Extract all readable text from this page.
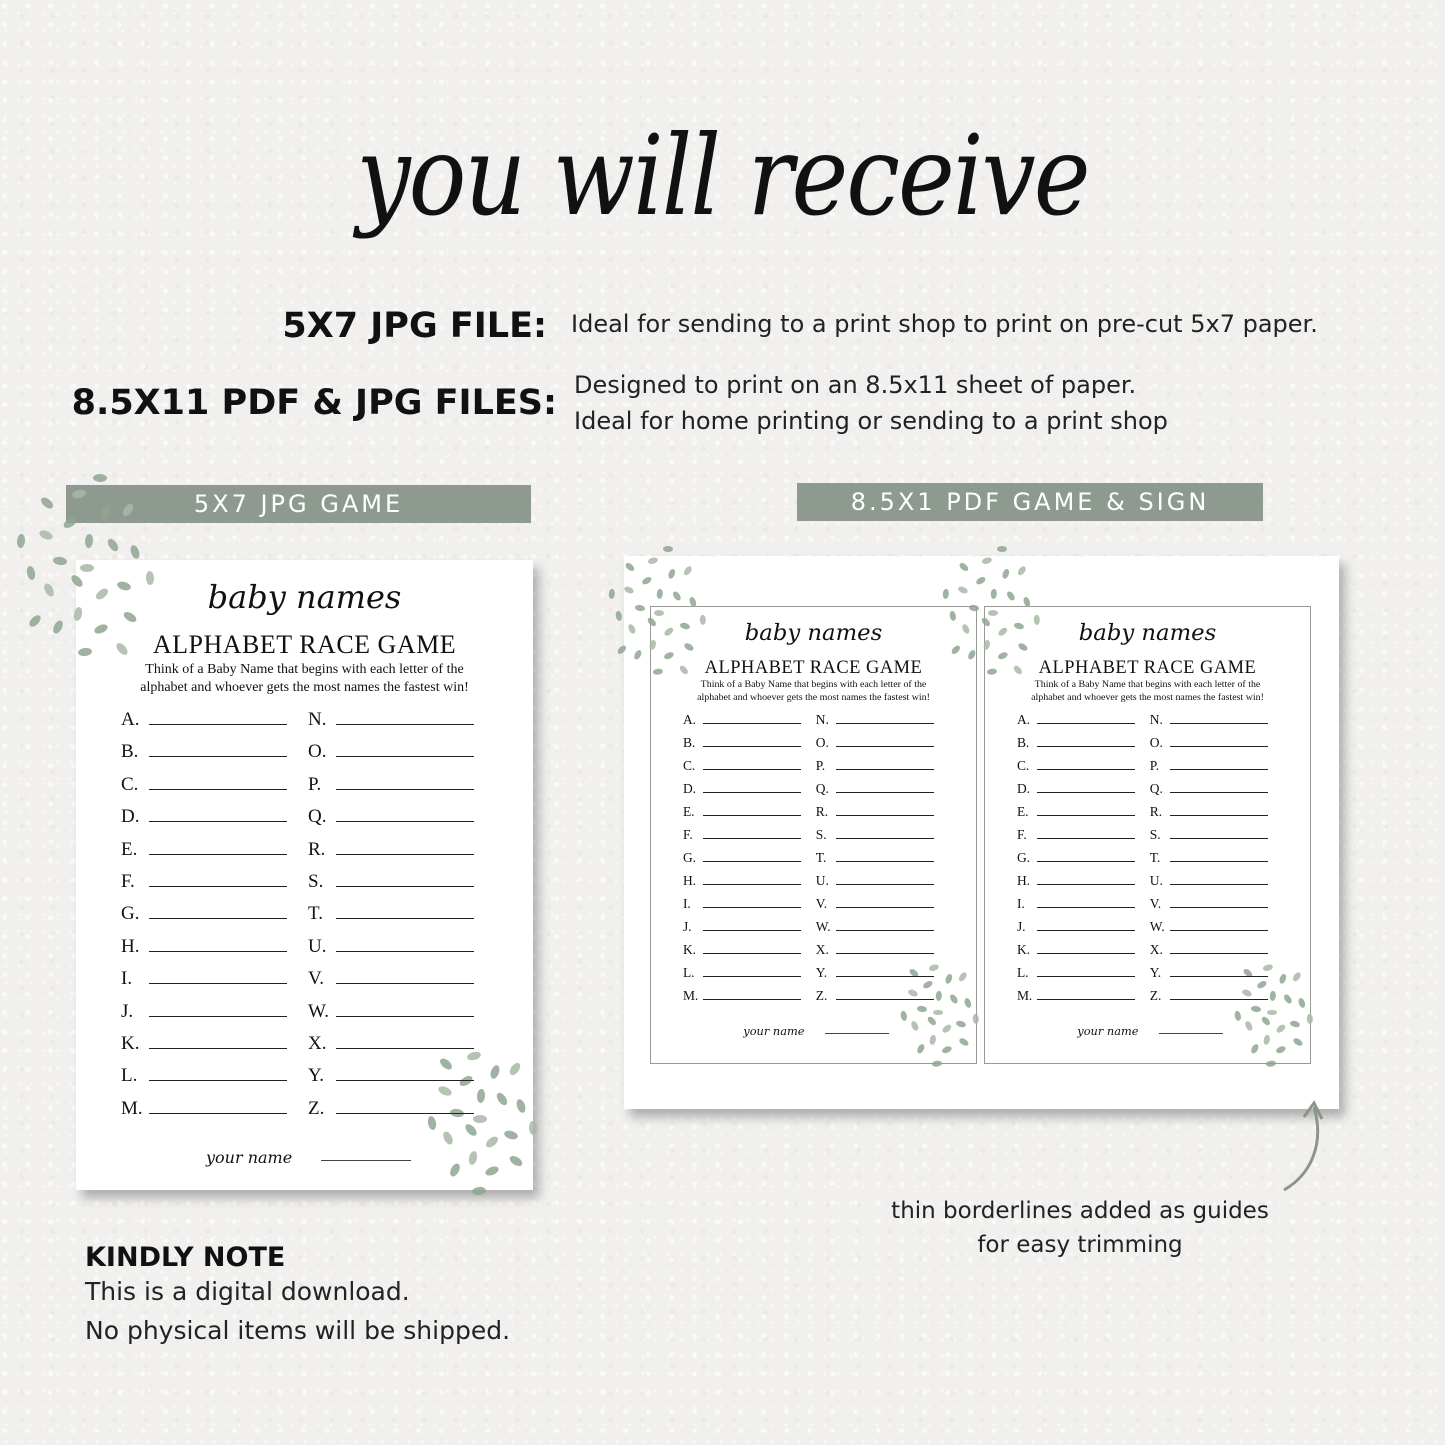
you will receive
5X7 JPG FILE: Ideal for sending to a print shop to print on pre-cut 5x7 paper.
8.5X11 PDF & JPG FILES: Designed to print on an 8.5x11 sheet of paper.
Ideal for home printing or sending to a print shop
5X7 JPG GAME	8.5X1 PDF GAME & SIGN
baby names
ALPHABET RACE GAME
Think of a Baby Name that begins with each letter of the
alphabet and whoever gets the most names the fastest win!
A.	N.
B.	O.
C.	P.
D.	Q.
E.	R.
F.	S.
G.	T.
H.	U.
I.	V.
J.	W.
K.	X.
L.	Y.
M.	Z.
your name
baby names
ALPHABET RACE GAME
Think of a Baby Name that begins with each letter of the
alphabet and whoever gets the most names the fastest win!
A.	N.
B.	O.
C.	P.
D.	Q.
E.	R.
F.	S.
G.	T.
H.	U.
I.	V.
J.	W.
K.	X.
L.	Y.
M.	Z.
your name
baby names
ALPHABET RACE GAME
Think of a Baby Name that begins with each letter of the
alphabet and whoever gets the most names the fastest win!
A.	N.
B.	O.
C.	P.
D.	Q.
E.	R.
F.	S.
G.	T.
H.	U.
I.	V.
J.	W.
K.	X.
L.	Y.
M.	Z.
your name
thin borderlines added as guides
for easy trimming
KINDLY NOTE
This is a digital download.
No physical items will be shipped.
